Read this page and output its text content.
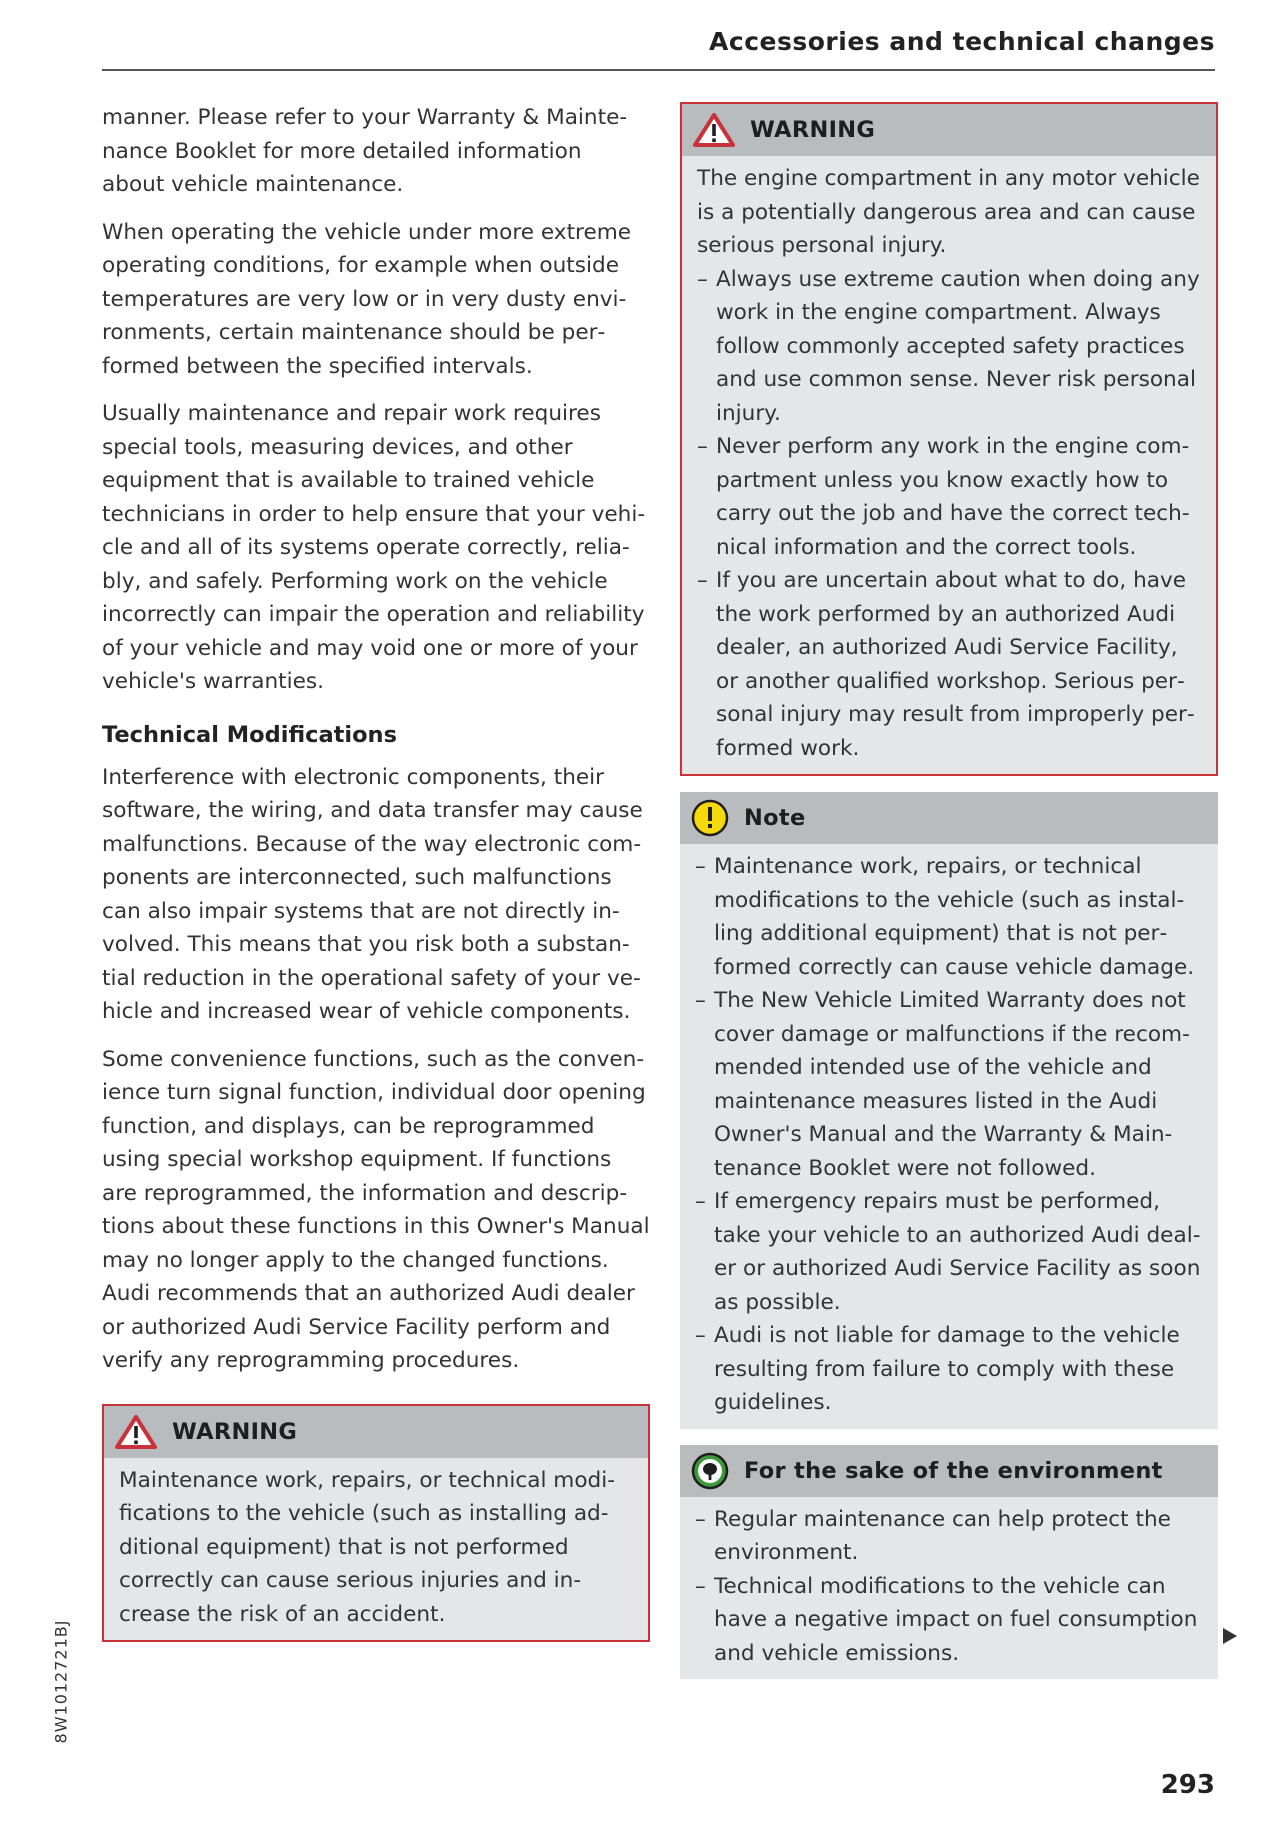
Accessories and technical changes

manner. Please refer to your Warranty & Maintenance Booklet for more detailed information about vehicle maintenance.

When operating the vehicle under more extreme operating conditions, for example when outside temperatures are very low or in very dusty environments, certain maintenance should be performed between the specified intervals.

Usually maintenance and repair work requires special tools, measuring devices, and other equipment that is available to trained vehicle technicians in order to help ensure that your vehicle and all of its systems operate correctly, reliably, and safely. Performing work on the vehicle incorrectly can impair the operation and reliability of your vehicle and may void one or more of your vehicle's warranties.

Technical Modifications

Interference with electronic components, their software, the wiring, and data transfer may cause malfunctions. Because of the way electronic components are interconnected, such malfunctions can also impair systems that are not directly involved. This means that you risk both a substantial reduction in the operational safety of your vehicle and increased wear of vehicle components.

Some convenience functions, such as the convenience turn signal function, individual door opening function, and displays, can be reprogrammed using special workshop equipment. If functions are reprogrammed, the information and descriptions about these functions in this Owner's Manual may no longer apply to the changed functions. Audi recommends that an authorized Audi dealer or authorized Audi Service Facility perform and verify any reprogramming procedures.

WARNING

Maintenance work, repairs, or technical modifications to the vehicle (such as installing additional equipment) that is not performed correctly can cause serious injuries and increase the risk of an accident.

WARNING

The engine compartment in any motor vehicle is a potentially dangerous area and can cause serious personal injury.

– Always use extreme caution when doing any work in the engine compartment. Always follow commonly accepted safety practices and use common sense. Never risk personal injury.
– Never perform any work in the engine compartment unless you know exactly how to carry out the job and have the correct technical information and the correct tools.
– If you are uncertain about what to do, have the work performed by an authorized Audi dealer, an authorized Audi Service Facility, or another qualified workshop. Serious personal injury may result from improperly performed work.
Note
– Maintenance work, repairs, or technical modifications to the vehicle (such as installing additional equipment) that is not performed correctly can cause vehicle damage.
– The New Vehicle Limited Warranty does not cover damage or malfunctions if the recommended intended use of the vehicle and maintenance measures listed in the Audi Owner's Manual and the Warranty & Maintenance Booklet were not followed.
– If emergency repairs must be performed, take your vehicle to an authorized Audi dealer or authorized Audi Service Facility as soon as possible.
– Audi is not liable for damage to the vehicle resulting from failure to comply with these guidelines.
For the sake of the environment
– Regular maintenance can help protect the environment.
– Technical modifications to the vehicle can have a negative impact on fuel consumption and vehicle emissions.
8W1012721BJ
293
